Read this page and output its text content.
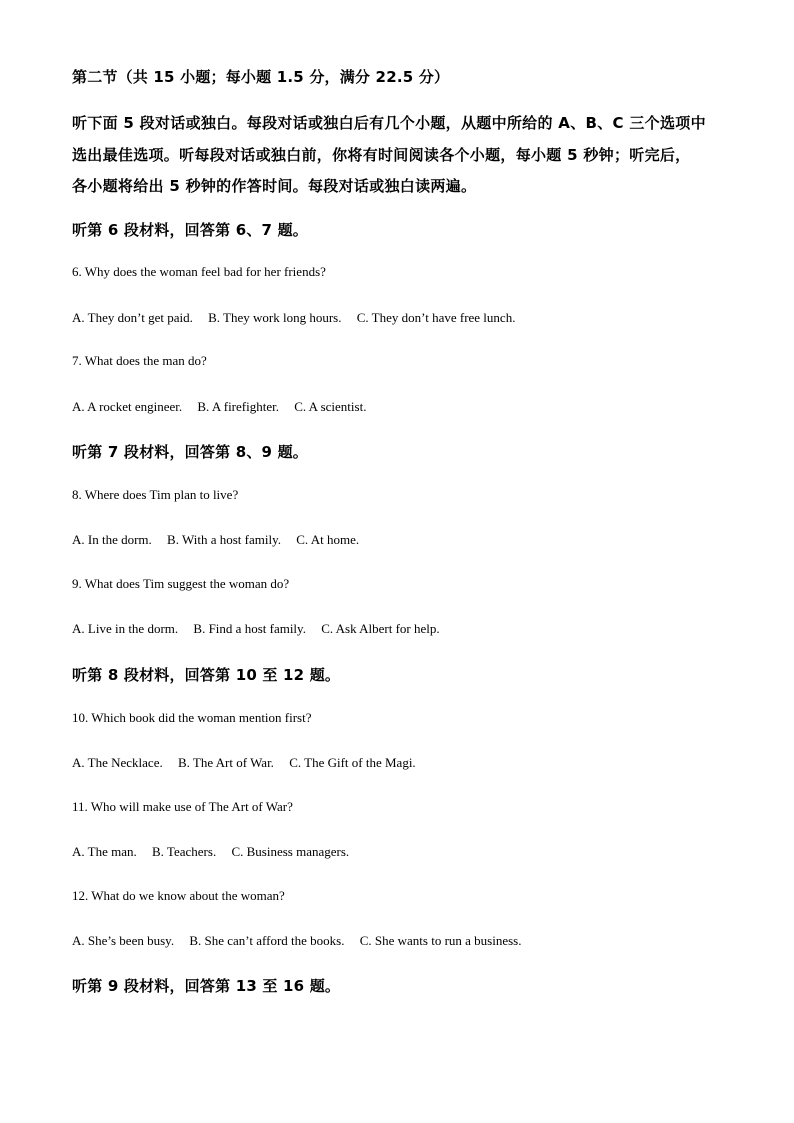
第二节（共 15 小题；每小题 1.5 分，满分 22.5 分）
听下面 5 段对话或独白。每段对话或独白后有几个小题，从题中所给的 A、B、C 三个选项中
选出最佳选项。听每段对话或独白前，你将有时间阅读各个小题，每小题 5 秒钟；听完后，
各小题将给出 5 秒钟的作答时间。每段对话或独白读两遍。
听第 6 段材料，回答第 6、7 题。
6. Why does the woman feel bad for her friends?
A. They don’t get paid. B. They work long hours. C. They don’t have free lunch.
7. What does the man do?
A. A rocket engineer. B. A firefighter. C. A scientist.
听第 7 段材料，回答第 8、9 题。
8. Where does Tim plan to live?
A. In the dorm. B. With a host family. C. At home.
9. What does Tim suggest the woman do?
A. Live in the dorm. B. Find a host family. C. Ask Albert for help.
听第 8 段材料，回答第 10 至 12 题。
10. Which book did the woman mention first?
A. The Necklace. B. The Art of War. C. The Gift of the Magi.
11. Who will make use of The Art of War?
A. The man. B. Teachers. C. Business managers.
12. What do we know about the woman?
A. She’s been busy. B. She can’t afford the books. C. She wants to run a business.
听第 9 段材料，回答第 13 至 16 题。
